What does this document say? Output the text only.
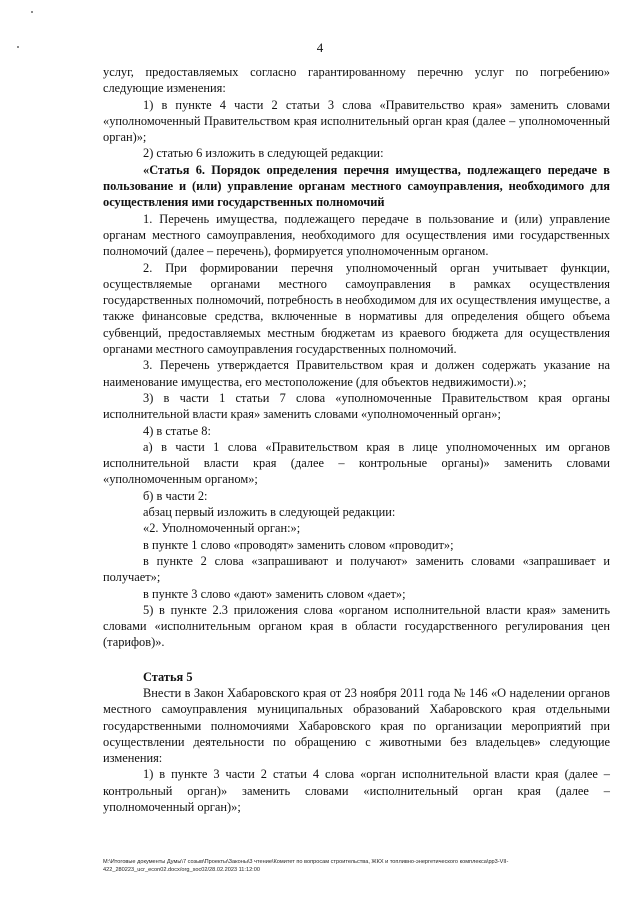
4

услуг, предоставляемых согласно гарантированному перечню услуг по погребению» следующие изменения:

1) в пункте 4 части 2 статьи 3 слова «Правительство края» заменить словами «уполномоченный Правительством края исполнительный орган края (далее – уполномоченный орган)»;

2) статью 6 изложить в следующей редакции:

«Статья 6. Порядок определения перечня имущества, подлежащего передаче в пользование и (или) управление органам местного самоуправления, необходимого для осуществления ими государственных полномочий

1. Перечень имущества, подлежащего передаче в пользование и (или) управление органам местного самоуправления, необходимого для осуществления ими государственных полномочий (далее – перечень), формируется уполномоченным органом.

2. При формировании перечня уполномоченный орган учитывает функции, осуществляемые органами местного самоуправления в рамках осуществления государственных полномочий, потребность в необходимом для их осуществления имуществе, а также финансовые средства, включенные в нормативы для определения общего объема субвенций, предоставляемых местным бюджетам из краевого бюджета для осуществления органами местного самоуправления государственных полномочий.

3. Перечень утверждается Правительством края и должен содержать указание на наименование имущества, его местоположение (для объектов недвижимости).»;

3) в части 1 статьи 7 слова «уполномоченные Правительством края органы исполнительной власти края» заменить словами «уполномоченный орган»;

4) в статье 8:

а) в части 1 слова «Правительством края в лице уполномоченных им органов исполнительной власти края (далее – контрольные органы)» заменить словами «уполномоченным органом»;

б) в части 2:

абзац первый изложить в следующей редакции:

«2. Уполномоченный орган:»;

в пункте 1 слово «проводят» заменить словом «проводит»;

в пункте 2 слова «запрашивают и получают» заменить словами «запрашивает и получает»;

в пункте 3 слово «дают» заменить словом «дает»;

5) в пункте 2.3 приложения слова «органом исполнительной власти края» заменить словами «исполнительным органом края в области государственного регулирования цен (тарифов)».

Статья 5

Внести в Закон Хабаровского края от 23 ноября 2011 года № 146 «О наделении органов местного самоуправления муниципальных образований Хабаровского края отдельными государственными полномочиями Хабаровского края по организации мероприятий при осуществлении деятельности по обращению с животными без владельцев» следующие изменения:

1) в пункте 3 части 2 статьи 4 слова «орган исполнительной власти края (далее – контрольный орган)» заменить словами «исполнительный орган края (далее – уполномоченный орган)»;

M:\Итоговые документы Думы\7 созыв\Проекты\Законы\3 чтение\Комитет по вопросам строительства, ЖКХ и топливно-энергетического комплекса\рр3-VII-422_280223_ucr_econ02.docx/org_soc02/28.02.2023 11:12:00
